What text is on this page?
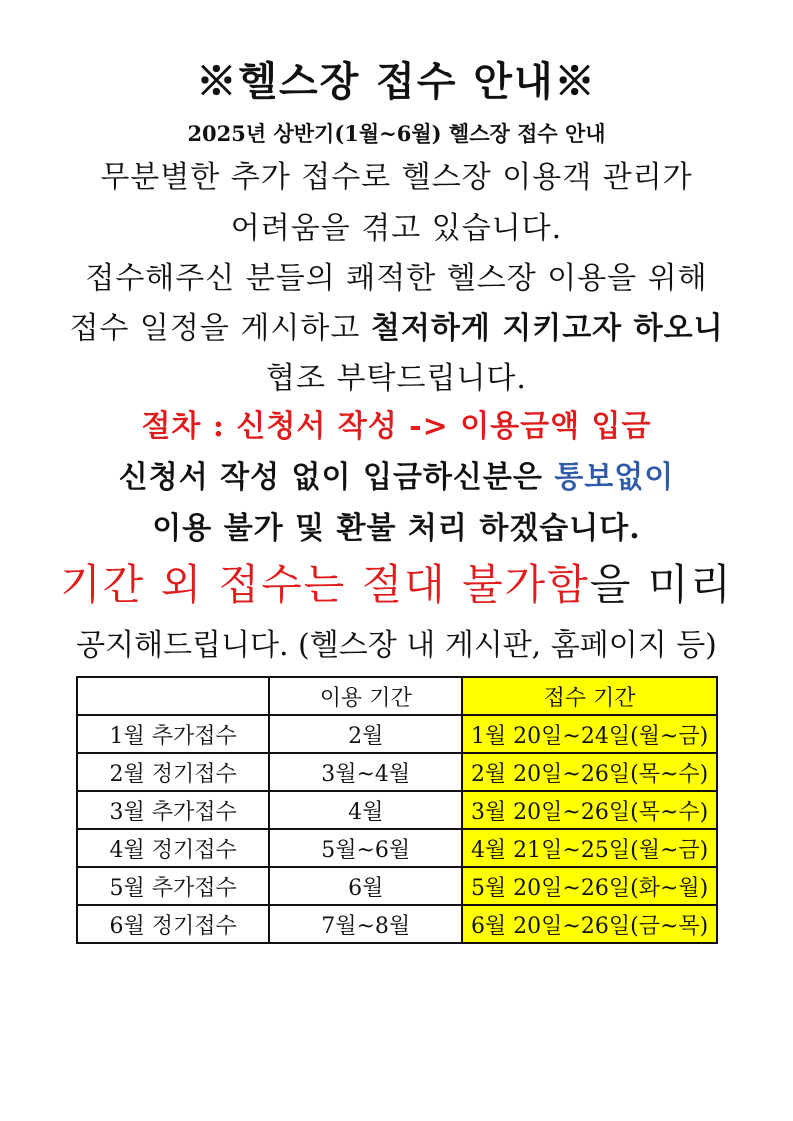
※헬스장 접수 안내※
2025년 상반기(1월~6월) 헬스장 접수 안내
무분별한 추가 접수로 헬스장 이용객 관리가
어려움을 겪고 있습니다.
접수해주신 분들의 쾌적한 헬스장 이용을 위해
접수 일정을 게시하고 철저하게 지키고자 하오니
협조 부탁드립니다.
절차 : 신청서 작성 -> 이용금액 입금
신청서 작성 없이 입금하신분은 통보없이
이용 불가 및 환불 처리 하겠습니다.
기간 외 접수는 절대 불가함을 미리
공지해드립니다. (헬스장 내 게시판, 홈페이지 등)
	이용 기간	접수 기간
1월 추가접수	2월	1월 20일~24일(월~금)
2월 정기접수	3월~4월	2월 20일~26일(목~수)
3월 추가접수	4월	3월 20일~26일(목~수)
4월 정기접수	5월~6월	4월 21일~25일(월~금)
5월 추가접수	6월	5월 20일~26일(화~월)
6월 정기접수	7월~8월	6월 20일~26일(금~목)
